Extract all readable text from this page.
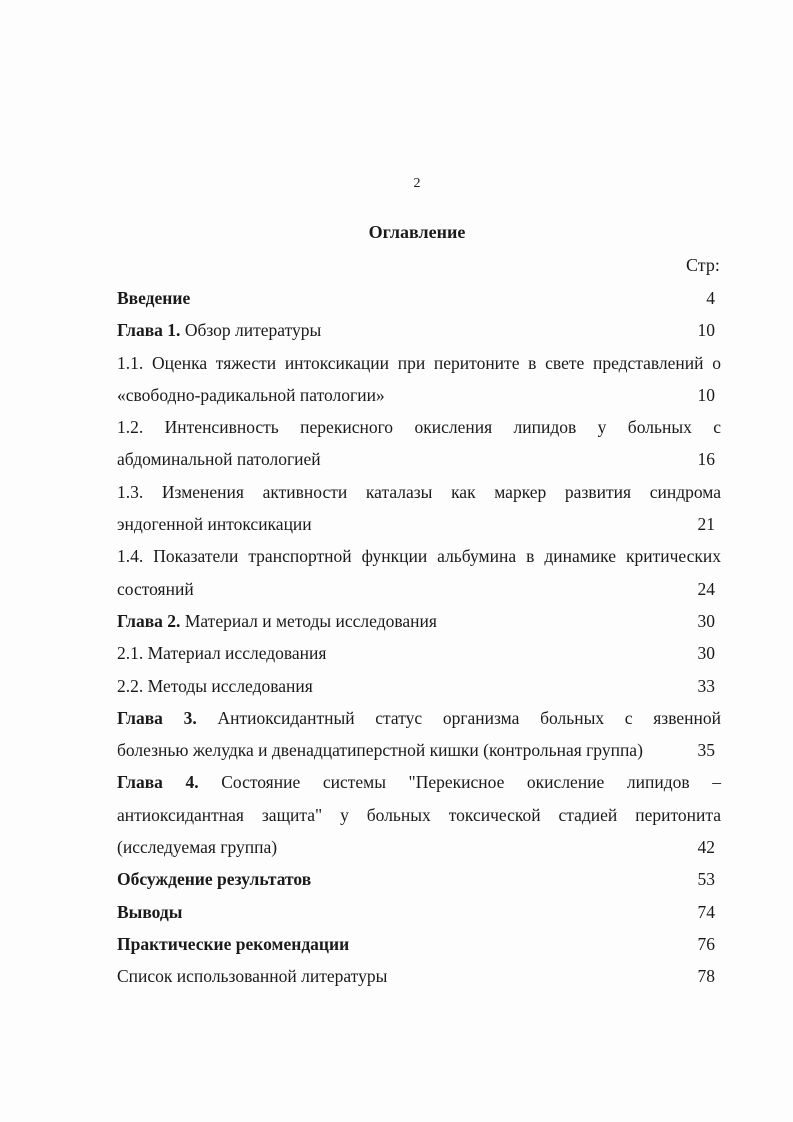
2
Оглавление
Стр:
Введение	4
Глава 1. Обзор литературы	10
1.1. Оценка тяжести интоксикации при перитоните в свете представлений о
«свободно-радикальной патологии»	10
1.2. Интенсивность перекисного окисления липидов у больных с
абдоминальной патологией	16
1.3. Изменения активности каталазы как маркер развития синдрома
эндогенной интоксикации	21
1.4. Показатели транспортной функции альбумина в динамике критических
состояний	24
Глава 2. Материал и методы исследования	30
2.1. Материал исследования	30
2.2. Методы исследования	33
Глава 3. Антиоксидантный статус организма больных с язвенной
болезнью желудка и двенадцатиперстной кишки (контрольная группа)	35
Глава 4. Состояние системы "Перекисное окисление липидов –
антиоксидантная защита" у больных токсической стадией перитонита
(исследуемая группа)	42
Обсуждение результатов	53
Выводы	74
Практические рекомендации	76
Список использованной литературы	78
